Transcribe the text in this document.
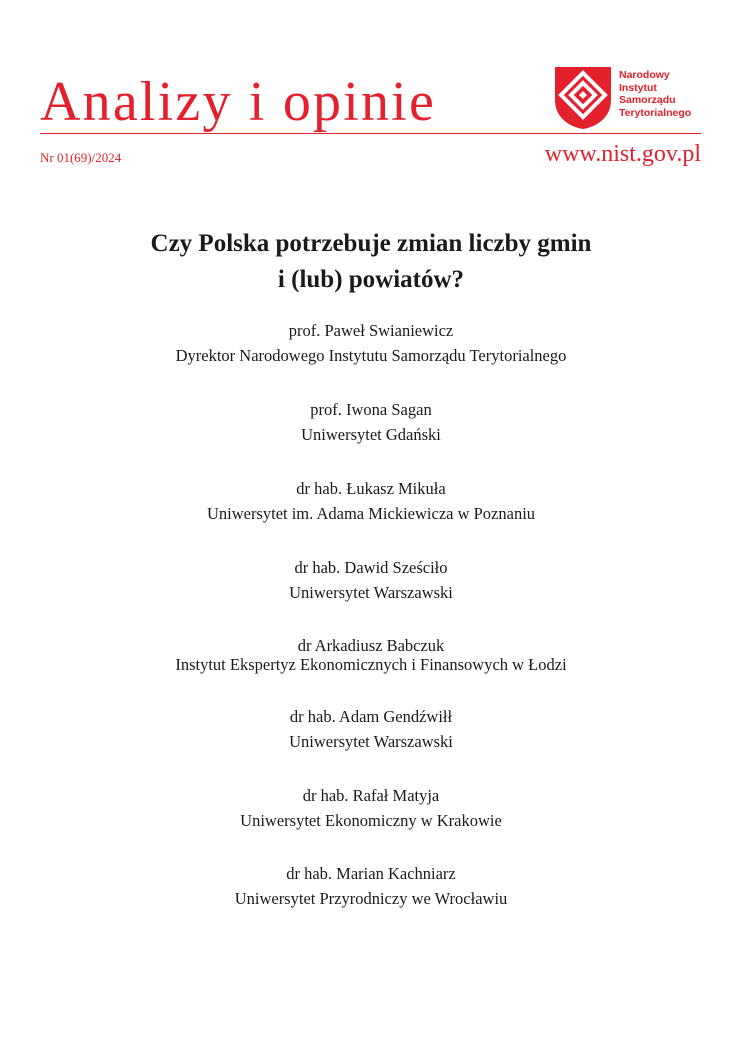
Analizy i opinie
Nr 01(69)/2024	www.nist.gov.pl
Narodowy
Instytut
Samorządu
Terytorialnego
Czy Polska potrzebuje zmian liczby gmin
i (lub) powiatów?
prof. Paweł Swianiewicz
Dyrektor Narodowego Instytutu Samorządu Terytorialnego
prof. Iwona Sagan
Uniwersytet Gdański
dr hab. Łukasz Mikuła
Uniwersytet im. Adama Mickiewicza w Poznaniu
dr hab. Dawid Sześciło
Uniwersytet Warszawski
dr Arkadiusz Babczuk
Instytut Ekspertyz Ekonomicznych i Finansowych w Łodzi
dr hab. Adam Gendźwiłł
Uniwersytet Warszawski
dr hab. Rafał Matyja
Uniwersytet Ekonomiczny w Krakowie
dr hab. Marian Kachniarz
Uniwersytet Przyrodniczy we Wrocławiu
